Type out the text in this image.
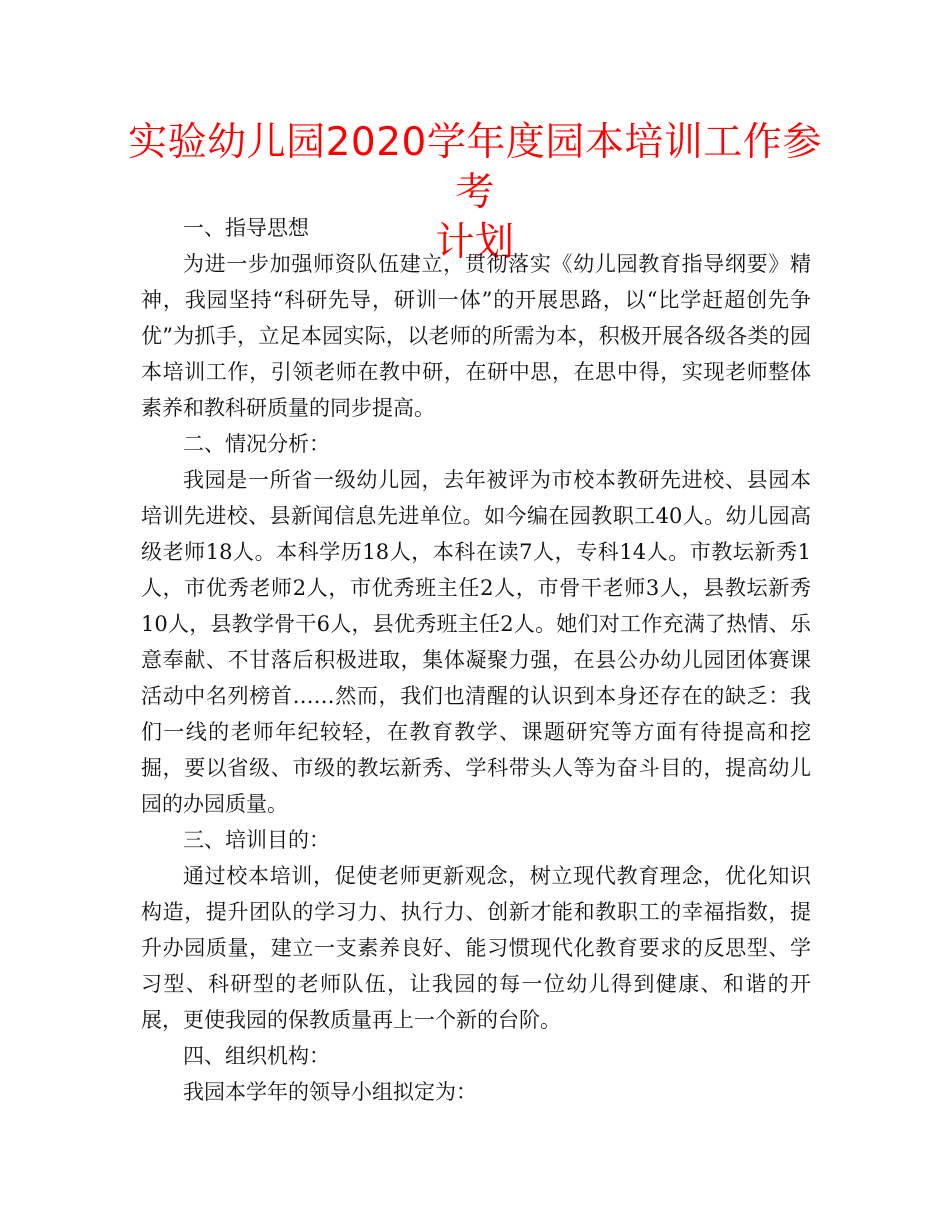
实验幼儿园2020学年度园本培训工作参考
计划

一、指导思想

为进一步加强师资队伍建立，贯彻落实《幼儿园教育指导纲要》精神，我园坚持“科研先导，研训一体”的开展思路，以“比学赶超创先争优”为抓手，立足本园实际，以老师的所需为本，积极开展各级各类的园本培训工作，引领老师在教中研，在研中思，在思中得，实现老师整体素养和教科研质量的同步提高。

二、情况分析：

我园是一所省一级幼儿园，去年被评为市校本教研先进校、县园本培训先进校、县新闻信息先进单位。如今编在园教职工40人。幼儿园高级老师18人。本科学历18人，本科在读7人，专科14人。市教坛新秀1人，市优秀老师2人，市优秀班主任2人，市骨干老师3人，县教坛新秀10人，县教学骨干6人，县优秀班主任2人。她们对工作充满了热情、乐意奉献、不甘落后积极进取，集体凝聚力强，在县公办幼儿园团体赛课活动中名列榜首……然而，我们也清醒的认识到本身还存在的缺乏：我们一线的老师年纪较轻，在教育教学、课题研究等方面有待提高和挖掘，要以省级、市级的教坛新秀、学科带头人等为奋斗目的，提高幼儿园的办园质量。

三、培训目的：

通过校本培训，促使老师更新观念，树立现代教育理念，优化知识构造，提升团队的学习力、执行力、创新才能和教职工的幸福指数，提升办园质量，建立一支素养良好、能习惯现代化教育要求的反思型、学习型、科研型的老师队伍，让我园的每一位幼儿得到健康、和谐的开展，更使我园的保教质量再上一个新的台阶。

四、组织机构：

我园本学年的领导小组拟定为：
